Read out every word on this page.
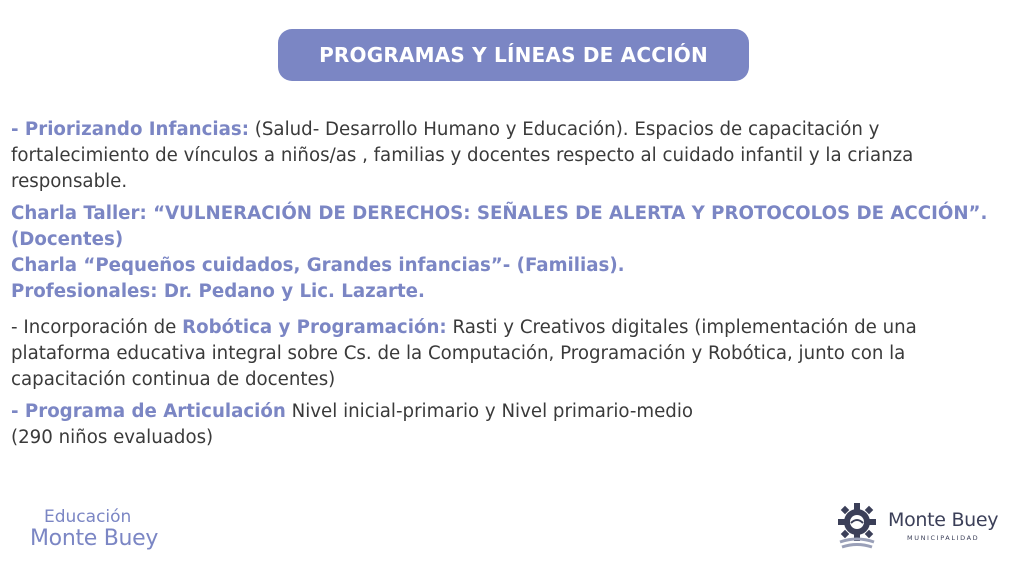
PROGRAMAS Y LÍNEAS DE ACCIÓN

- Priorizando Infancias: (Salud- Desarrollo Humano y Educación). Espacios de capacitación y fortalecimiento de vínculos a niños/as , familias y docentes respecto al cuidado infantil y la crianza responsable.

Charla Taller: “VULNERACIÓN DE DERECHOS: SEÑALES DE ALERTA Y PROTOCOLOS DE ACCIÓN”. (Docentes)
Charla “Pequeños cuidados, Grandes infancias”- (Familias).
Profesionales: Dr. Pedano y Lic. Lazarte.

- Incorporación de Robótica y Programación: Rasti y Creativos digitales (implementación de una plataforma educativa integral sobre Cs. de la Computación, Programación y Robótica, junto con la capacitación continua de docentes)

- Programa de Articulación Nivel inicial-primario y Nivel primario-medio
(290 niños evaluados)

Educación
Monte Buey
Monte Buey
MUNICIPALIDAD
